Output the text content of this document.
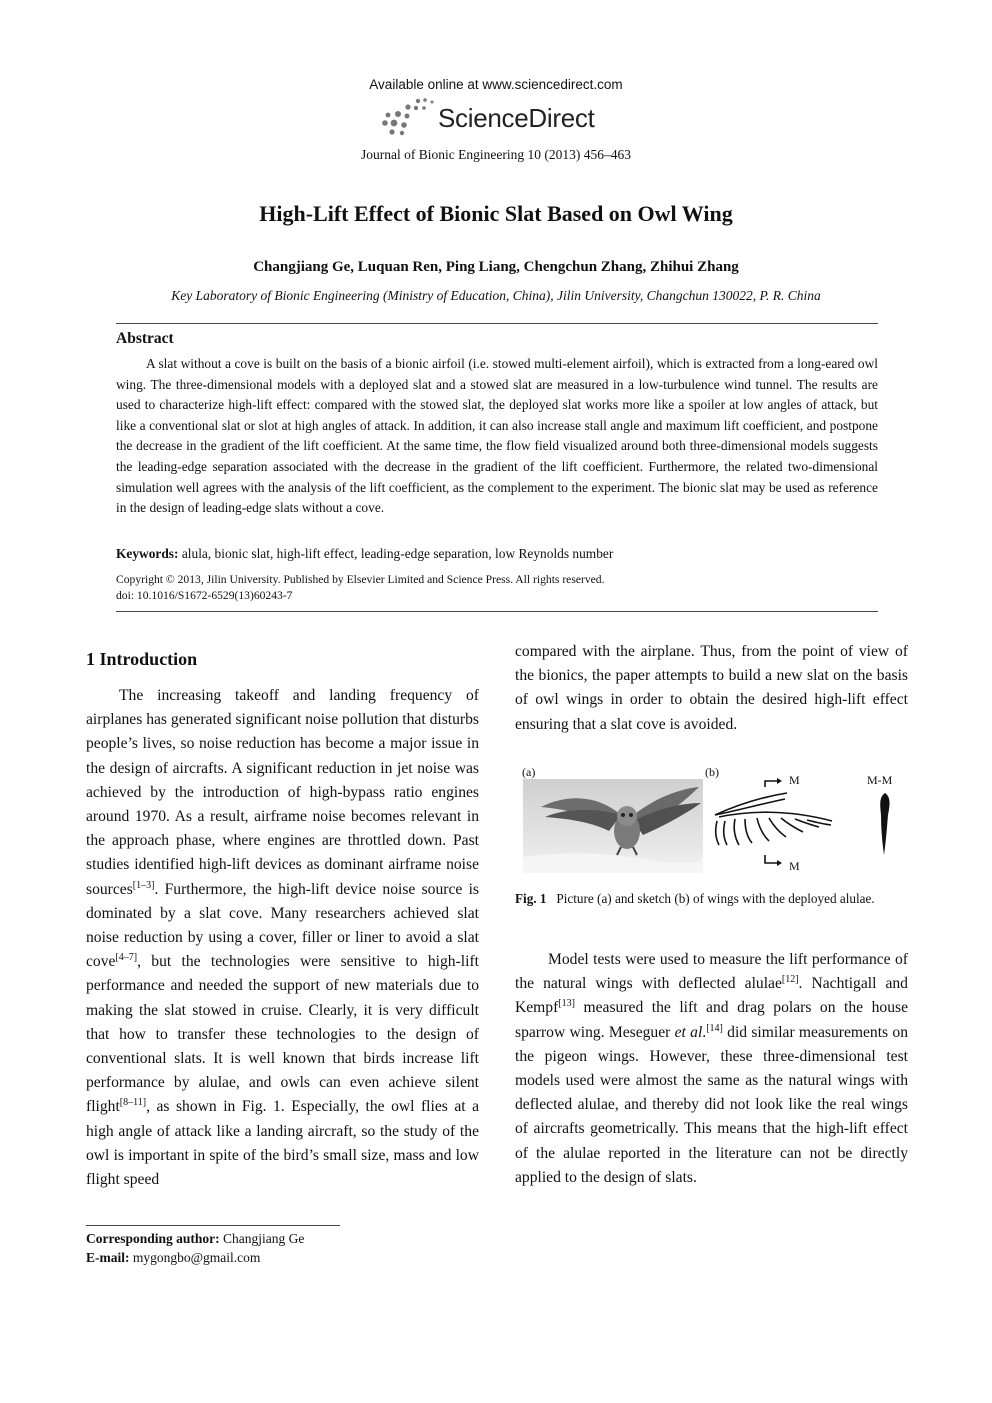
Available online at www.sciencedirect.com
ScienceDirect
Journal of Bionic Engineering 10 (2013) 456–463
High-Lift Effect of Bionic Slat Based on Owl Wing
Changjiang Ge, Luquan Ren, Ping Liang, Chengchun Zhang, Zhihui Zhang
Key Laboratory of Bionic Engineering (Ministry of Education, China), Jilin University, Changchun 130022, P. R. China
Abstract
A slat without a cove is built on the basis of a bionic airfoil (i.e. stowed multi-element airfoil), which is extracted from a long-eared owl wing. The three-dimensional models with a deployed slat and a stowed slat are measured in a low-turbulence wind tunnel. The results are used to characterize high-lift effect: compared with the stowed slat, the deployed slat works more like a spoiler at low angles of attack, but like a conventional slat or slot at high angles of attack. In addition, it can also increase stall angle and maximum lift coefficient, and postpone the decrease in the gradient of the lift coefficient. At the same time, the flow field visualized around both three-dimensional models suggests the leading-edge separation associated with the decrease in the gradient of the lift coefficient. Furthermore, the related two-dimensional simulation well agrees with the analysis of the lift coefficient, as the complement to the experiment. The bionic slat may be used as reference in the design of leading-edge slats without a cove.
Keywords: alula, bionic slat, high-lift effect, leading-edge separation, low Reynolds number
Copyright © 2013, Jilin University. Published by Elsevier Limited and Science Press. All rights reserved.
doi: 10.1016/S1672-6529(13)60243-7
1 Introduction
The increasing takeoff and landing frequency of airplanes has generated significant noise pollution that disturbs people’s lives, so noise reduction has become a major issue in the design of aircrafts. A significant reduction in jet noise was achieved by the introduction of high-bypass ratio engines around 1970. As a result, airframe noise becomes relevant in the approach phase, where engines are throttled down. Past studies identified high-lift devices as dominant airframe noise sources[1–3]. Furthermore, the high-lift device noise source is dominated by a slat cove. Many researchers achieved slat noise reduction by using a cover, filler or liner to avoid a slat cove[4–7], but the technologies were sensitive to high-lift performance and needed the support of new materials due to making the slat stowed in cruise. Clearly, it is very difficult that how to transfer these technologies to the design of conventional slats. It is well known that birds increase lift performance by alulae, and owls can even achieve silent flight[8–11], as shown in Fig. 1. Especially, the owl flies at a high angle of attack like a landing aircraft, so the study of the owl is important in spite of the bird’s small size, mass and low flight speed
compared with the airplane. Thus, from the point of view of the bionics, the paper attempts to build a new slat on the basis of owl wings in order to obtain the desired high-lift effect ensuring that a slat cove is avoided.
(a)	(b)
M
M
M-M
Fig. 1 Picture (a) and sketch (b) of wings with the deployed alulae.
Model tests were used to measure the lift performance of the natural wings with deflected alulae[12]. Nachtigall and Kempf[13] measured the lift and drag polars on the house sparrow wing. Meseguer et al.[14] did similar measurements on the pigeon wings. However, these three-dimensional test models used were almost the same as the natural wings with deflected alulae, and thereby did not look like the real wings of aircrafts geometrically. This means that the high-lift effect of the alulae reported in the literature can not be directly applied to the design of slats.
Corresponding author: Changjiang Ge
E-mail: mygongbo@gmail.com
